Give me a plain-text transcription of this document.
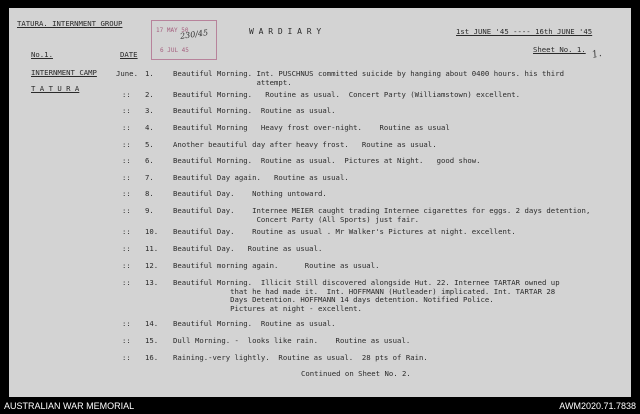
TATURA. INTERNMENT GROUP
W A R D I A R Y	1st JUNE '45 ---- 16th JUNE '45
Sheet No. 1.
No.1.	DATE
INTERNMENT CAMP
T A T U R A
17 MAY 50
230/45
6 JUL 45	1.
June. 1.	Beautiful Morning. Int. PUSCHNUS committed suicide by hanging about 0400 hours. his third
attempt.
:: 2.	Beautiful Morning.   Routine as usual.  Concert Party (Williamstown) excellent.
:: 3.	Beautiful Morning.  Routine as usual.
:: 4.	Beautiful Morning   Heavy frost over-night.    Routine as usual
:: 5.	Another beautiful day after heavy frost.   Routine as usual.
:: 6.	Beautiful Morning.  Routine as usual.  Pictures at Night.   good show.
:: 7.	Beautiful Day again.   Routine as usual.
:: 8.	Beautiful Day.    Nothing untoward.
:: 9.	Beautiful Day.    Internee MEIER caught trading Internee cigarettes for eggs. 2 days detention,
Concert Party (All Sports) just fair.
:: 10. Beautiful Day.    Routine as usual . Mr Walker's Pictures at night. excellent.
:: 11. Beautiful Day.   Routine as usual.
:: 12. Beautiful morning again.      Routine as usual.
:: 13. Beautiful Morning.  Illicit Still discovered alongside Hut. 22. Internee TARTAR owned up
that he had made it.  Int. HOFFMANN (Hutleader) implicated. Int. TARTAR 28
Days Detention. HOFFMANN 14 days detention. Notified Police.
Pictures at night - excellent.
:: 14. Beautiful Morning.  Routine as usual.
:: 15. Dull Morning. -  looks like rain.    Routine as usual.
:: 16. Raining.-very lightly.  Routine as usual.  28 pts of Rain.
Continued on Sheet No. 2.
AUSTRALIAN WAR MEMORIAL	AWM2020.71.7838
